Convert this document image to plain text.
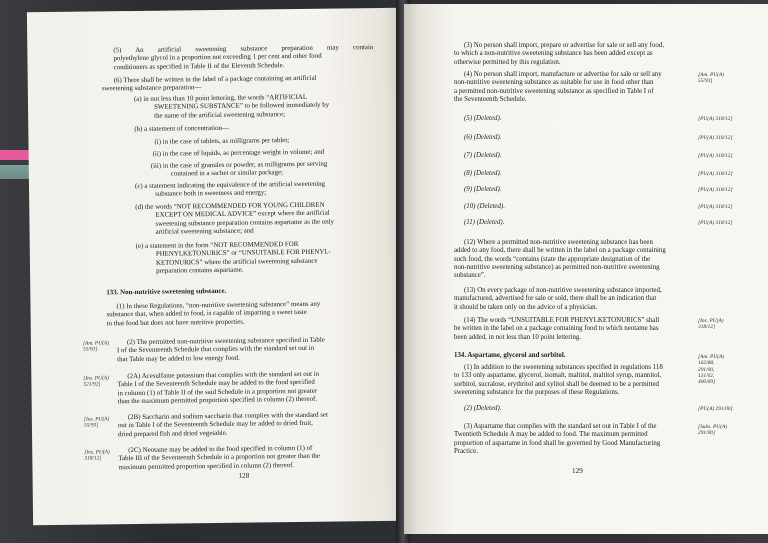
(5) An artificial sweetening substance preparation may contain
polyethylene glycol in a proportion not exceeding 1 per cent and other food
conditioners as specified in Table II of the Eleventh Schedule.
(6) There shall be written in the label of a package containing an artificial
sweetening substance preparation—
(a) in not less than 10 point lettering, the words “ARTIFICIAL
SWEETENING SUBSTANCE” to be followed immediately by
the name of the artificial sweetening substance;
(b) a statement of concentration—
(i) in the case of tablets, as milligrams per tablet;
(ii) in the case of liquids, as percentage weight in volume; and
(iii) in the case of granules or powder, as milligrams per serving
contained in a sachet or similar package;
(c) a statement indicating the equivalence of the artificial sweetening
substance both in sweetness and energy;
(d) the words “NOT RECOMMENDED FOR YOUNG CHILDREN
EXCEPT ON MEDICAL ADVICE” except where the artificial
sweetening substance preparation contains aspartame as the only
artificial sweetening substance; and
(e) a statement in the form “NOT RECOMMENDED FOR
PHENYLKETONURICS” or “UNSUITABLE FOR PHENYL-
KETONURICS” where the artificial sweetening substance
preparation contains aspartame.
133. Non-nutritive sweetening substance.
(1) In these Regulations, “non-nutritive sweetening substance” means any
substance that, when added to food, is capable of imparting a sweet taste
to that food but does not have nutritive properties.
[Am. PU(A)
55/93]
(2) The permitted non-nutritive sweetening substance specified in Table
I of the Seventeenth Schedule that complies with the standard set out in
that Table may be added to low energy food.
[Ins. PU(A)
521/92]
(2A) Acesulfame potassium that complies with the standard set out in
Table I of the Seventeenth Schedule may be added to the food specified
in column (1) of Table II of the said Schedule in a proportion not greater
than the maximum permitted proportion specified in column (2) thereof.
[Ins. PU(A)
55/93]
(2B) Saccharin and sodium saccharin that complies with the standard set
out in Table I of the Seventeenth Schedule may be added to dried fruit,
dried prepared fish and dried vegetable.
[Ins. PU(A)
318/12]
(2C) Neotame may be added to the food specified in column (1) of
Table III of the Seventeenth Schedule in a proportion not greater than the
maximum permitted proportion specified in column (2) thereof.
128
(3) No person shall import, prepare or advertise for sale or sell any food,
to which a non-nutritive sweetening substance has been added except as
otherwise permitted by this regulation.
(4) No person shall import, manufacture or advertise for sale or sell any
non-nutritive sweetening substance as suitable for use in food other than
a permitted non-nutritive sweetening substance as specified in Table I of
the Seventeenth Schedule.
[Am. PU(A)
55/93]
(5) (Deleted).	[PU(A) 318/12]
(6) (Deleted).	[PU(A) 318/12]
(7) (Deleted).	[PU(A) 318/12]
(8) (Deleted).	[PU(A) 318/12]
(9) (Deleted).	[PU(A) 318/12]
(10) (Deleted).	[PU(A) 318/12]
(11) (Deleted).	[PU(A) 318/12]
(12) Where a permitted non-nutritive sweetening substance has been
added to any food, there shall be written in the label on a package containing
such food, the words “contains (state the appropriate designation of the
non-nutritive sweetening substance) as permitted non-nutritive sweetening
substance”.
(13) On every package of non-nutritive sweetening substance imported,
manufactured, advertised for sale or sold, there shall be an indication that
it should be taken only on the advice of a physician.
(14) The words “UNSUITABLE FOR PHENYLKETONURICS” shall
be written in the label on a package containing food to which neotame has
been added, in not less than 10 point lettering.
[Ins. PU(A)
318/12]
134. Aspartame, glycerol and sorbitol.
(1) In addition to the sweetening substances specified in regulations 118
to 133 only aspartame, glycerol, isomalt, maltitol, maltitol syrup, mannitol,
sorbitol, sucralose, erythritol and xylitol shall be deemed to be a permitted
sweetening substance for the purposes of these Regulations.
[Am. PU(A)
162/88,
291/00,
131/02,
406/09]
(2) (Deleted).	[PU(A) 291/00]
(3) Aspartame that complies with the standard set out in Table I of the
Twentieth Schedule A may be added to food. The maximum permitted
proportion of aspartame in food shall be governed by Good Manufacturing
Practice.
[Subs. PU(A)
291/00]
129
